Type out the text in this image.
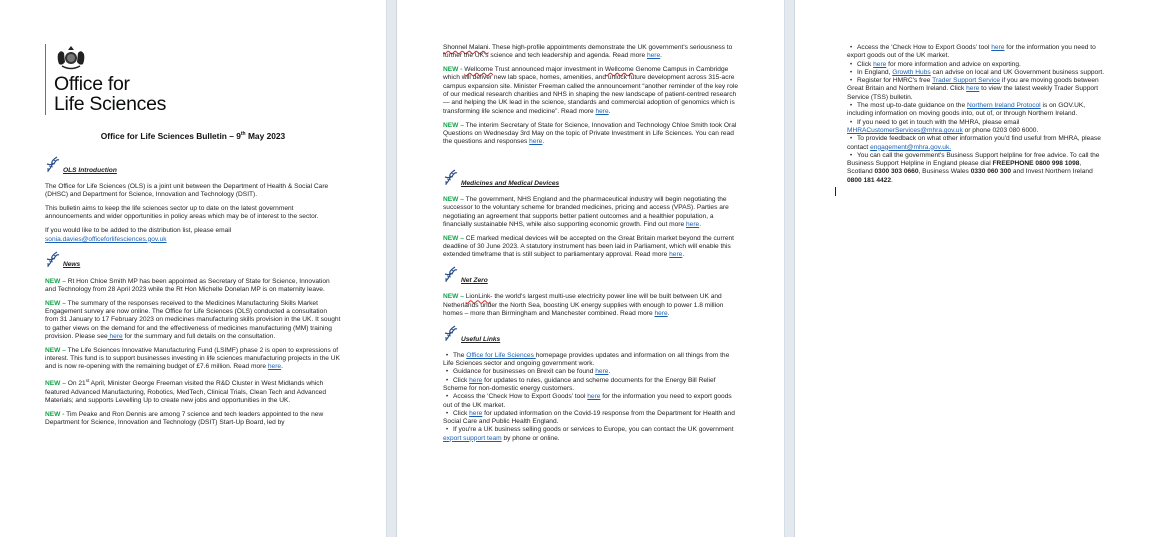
Office for
Life Sciences
Office for Life Sciences Bulletin – 9th May 2023
OLS Introduction

The Office for Life Sciences (OLS) is a joint unit between the Department of Health & Social Care (DHSC) and Department for Science, Innovation and Technology (DSIT).

This bulletin aims to keep the life sciences sector up to date on the latest government announcements and wider opportunities in policy areas which may be of interest to the sector.

If you would like to be added to the distribution list, please email
sonia.davies@officeforlifesciences.gov.uk

News

NEW – Rt Hon Chloe Smith MP has been appointed as Secretary of State for Science, Innovation and Technology from 28 April 2023 while the Rt Hon Michelle Donelan MP is on maternity leave.

NEW – The summary of the responses received to the Medicines Manufacturing Skills Market Engagement survey are now online. The Office for Life Sciences (OLS) conducted a consultation from 31 January to 17 February 2023 on medicines manufacturing skills provision in the UK. It sought to gather views on the demand for and the effectiveness of medicines manufacturing (MM) training provision. Please see here for the summary and full details on the consultation.

NEW – The Life Sciences Innovative Manufacturing Fund (LSIMF) phase 2 is open to expressions of interest. This fund is to support businesses investing in life sciences manufacturing projects in the UK and is now re-opening with the remaining budget of £7.6 million. Read more here.

NEW – On 21st April, Minister George Freeman visited the R&D Cluster in West Midlands which featured Advanced Manufacturing, Robotics, MedTech, Clinical Trials, Clean Tech and Advanced Materials; and supports Levelling Up to create new jobs and opportunities in the UK.

NEW - Tim Peake and Ron Dennis are among 7 science and tech leaders appointed to the new Department for Science, Innovation and Technology (DSIT) Start-Up Board, led by

Shonnel Malani. These high-profile appointments demonstrate the UK government's seriousness to further the UK's science and tech leadership and agenda. Read more here.

NEW - Wellcome Trust announced major investment in Wellcome Genome Campus in Cambridge which will deliver new lab space, homes, amenities, and unlock future development across 315-acre campus expansion site. Minister Freeman called the announcement “another reminder of the key role of our medical research charities and NHS in shaping the new landscape of patient-centred research — and helping the UK lead in the science, standards and commercial adoption of genomics which is transforming life science and medicine”. Read more here.

NEW – The interim Secretary of State for Science, Innovation and Technology Chloe Smith took Oral Questions on Wednesday 3rd May on the topic of Private Investment in Life Sciences. You can read the questions and responses here.

Medicines and Medical Devices

NEW – The government, NHS England and the pharmaceutical industry will begin negotiating the successor to the voluntary scheme for branded medicines, pricing and access (VPAS). Parties are negotiating an agreement that supports better patient outcomes and a healthier population, a financially sustainable NHS, while also supporting economic growth. Find out more here.

NEW – CE marked medical devices will be accepted on the Great Britain market beyond the current deadline of 30 June 2023. A statutory instrument has been laid in Parliament, which will enable this extended timeframe that is still subject to parliamentary approval. Read more here.

Net Zero

NEW – LionLink- the world's largest multi-use electricity power line will be built between UK and Netherlands under the North Sea, boosting UK energy supplies with enough to power 1.8 million homes – more than Birmingham and Manchester combined. Read more here.

Useful Links
• The Office for Life Sciences homepage provides updates and information on all things from the Life Sciences sector and ongoing government work.
• Guidance for businesses on Brexit can be found here.
• Click here for updates to rules, guidance and scheme documents for the Energy Bill Relief Scheme for non-domestic energy customers.
• Access the ‘Check How to Export Goods’ tool here for the information you need to export goods out of the UK market.
• Click here for updated information on the Covid-19 response from the Department for Health and Social Care and Public Health England.
• If you're a UK business selling goods or services to Europe, you can contact the UK government export support team by phone or online.
• Access the ‘Check How to Export Goods’ tool here for the information you need to export goods out of the UK market.
• Click here for more information and advice on exporting.
• In England, Growth Hubs can advise on local and UK Government business support.
• Register for HMRC's free Trader Support Service if you are moving goods between Great Britain and Northern Ireland. Click here to view the latest weekly Trader Support Service (TSS) bulletin.
• The most up-to-date guidance on the Northern Ireland Protocol is on GOV.UK, including information on moving goods into, out of, or through Northern Ireland.
• If you need to get in touch with the MHRA, please email MHRACustomerServices@mhra.gov.uk or phone 0203 080 6000.
• To provide feedback on what other information you'd find useful from MHRA, please contact engagement@mhra.gov.uk.
• You can call the government's Business Support helpline for free advice. To call the Business Support Helpline in England please dial FREEPHONE 0800 998 1098, Scotland 0300 303 0660, Business Wales 0330 060 300 and Invest Northern Ireland 0800 181 4422.
